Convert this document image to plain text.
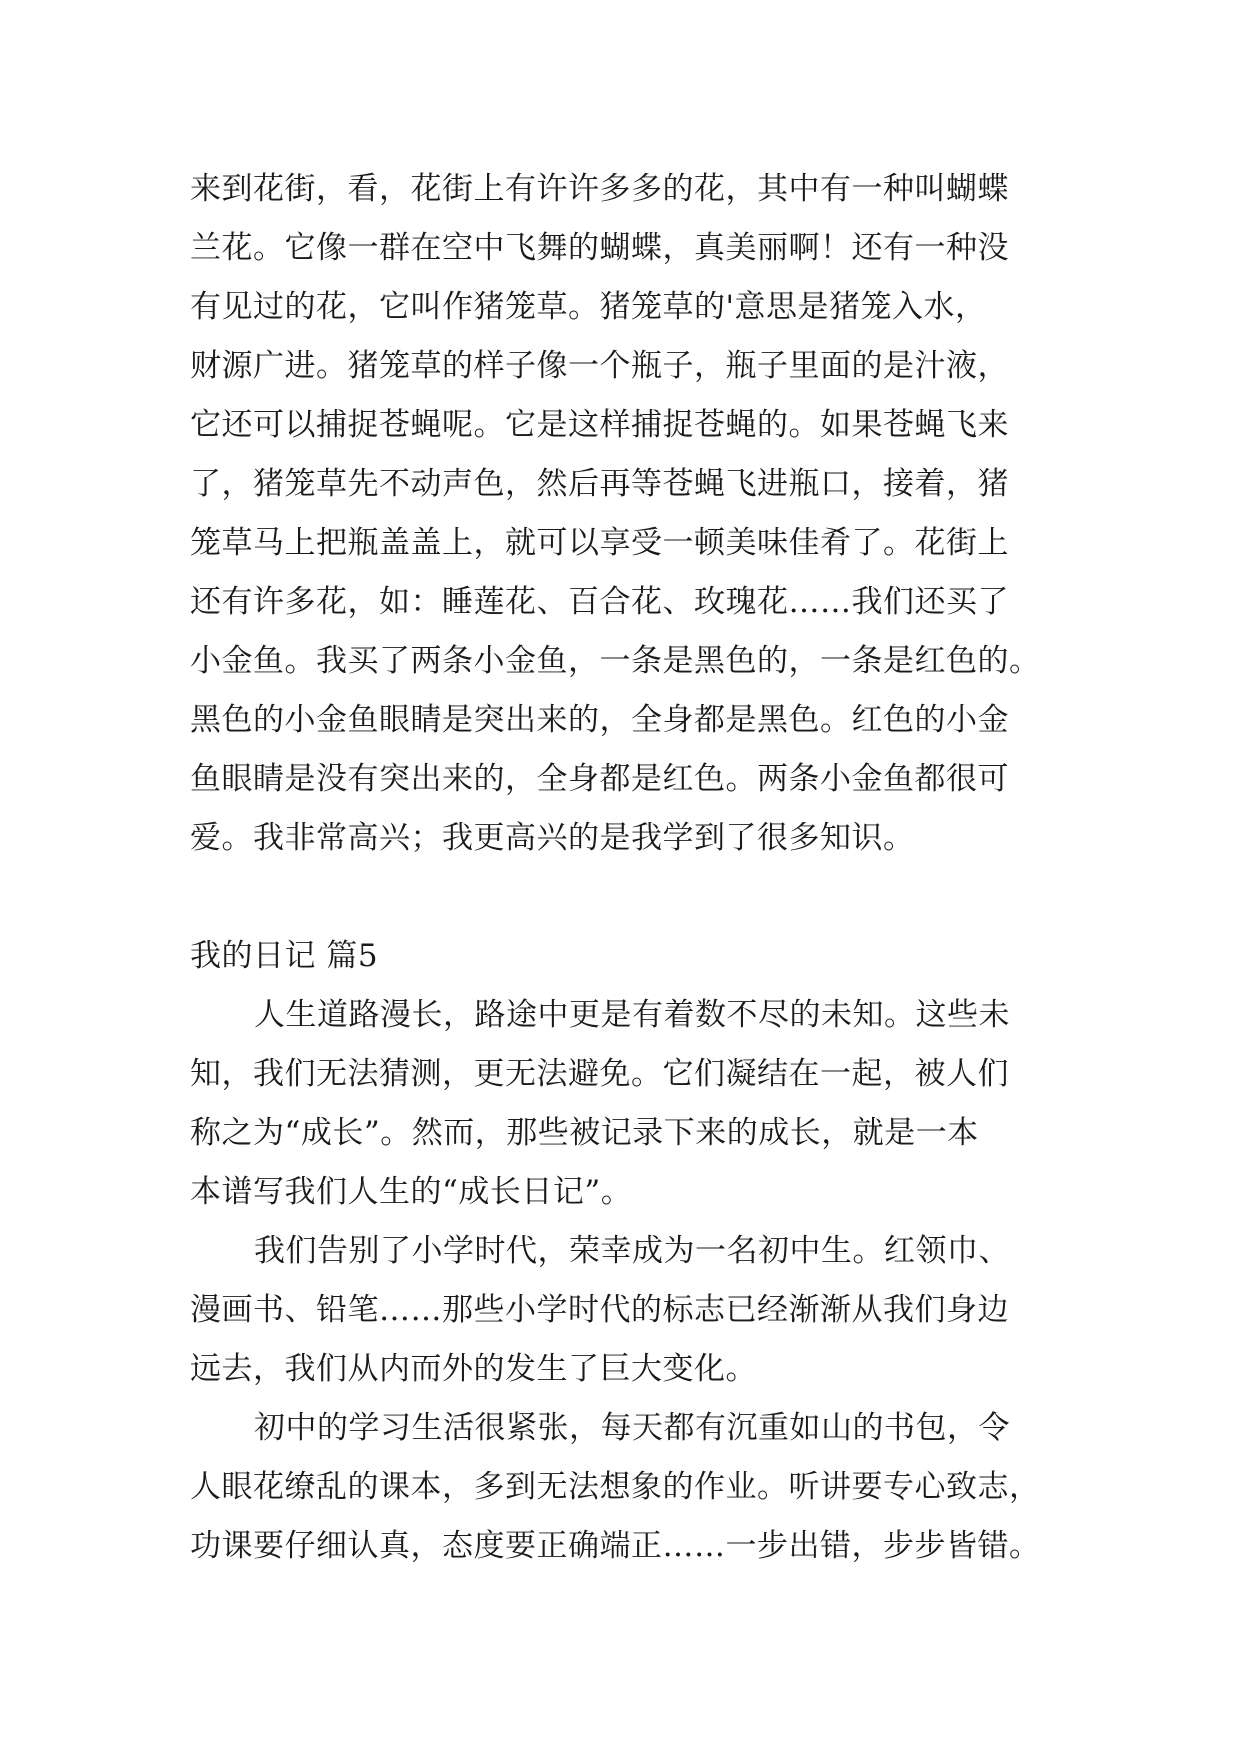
来到花街，看，花街上有许许多多的花，其中有一种叫蝴蝶
兰花。它像一群在空中飞舞的蝴蝶，真美丽啊！还有一种没
有见过的花，它叫作猪笼草。猪笼草的'意思是猪笼入水，
财源广进。猪笼草的样子像一个瓶子，瓶子里面的是汁液，
它还可以捕捉苍蝇呢。它是这样捕捉苍蝇的。如果苍蝇飞来
了，猪笼草先不动声色，然后再等苍蝇飞进瓶口，接着，猪
笼草马上把瓶盖盖上，就可以享受一顿美味佳肴了。花街上
还有许多花，如：睡莲花、百合花、玫瑰花……我们还买了
小金鱼。我买了两条小金鱼，一条是黑色的，一条是红色的。
黑色的小金鱼眼睛是突出来的，全身都是黑色。红色的小金
鱼眼睛是没有突出来的，全身都是红色。两条小金鱼都很可
爱。我非常高兴；我更高兴的是我学到了很多知识。
我的日记 篇5
人生道路漫长，路途中更是有着数不尽的未知。这些未
知，我们无法猜测，更无法避免。它们凝结在一起，被人们
称之为“成长”。然而，那些被记录下来的成长，就是一本
本谱写我们人生的“成长日记”。
我们告别了小学时代，荣幸成为一名初中生。红领巾、
漫画书、铅笔……那些小学时代的标志已经渐渐从我们身边
远去，我们从内而外的发生了巨大变化。
初中的学习生活很紧张，每天都有沉重如山的书包，令
人眼花缭乱的课本，多到无法想象的作业。听讲要专心致志，
功课要仔细认真，态度要正确端正……一步出错，步步皆错。
